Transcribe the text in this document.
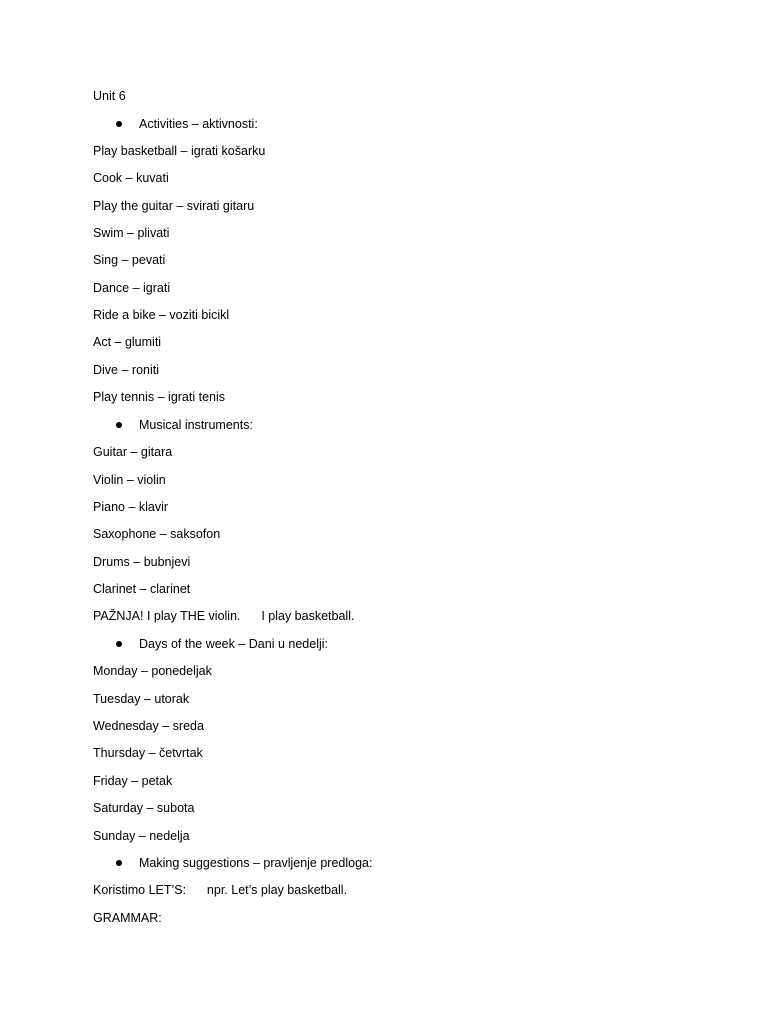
Unit 6

Activities – aktivnosti:

Play basketball – igrati košarku
Cook – kuvati
Play the guitar – svirati gitaru
Swim – plivati
Sing – pevati
Dance – igrati
Ride a bike – voziti bicikl
Act – glumiti
Dive – roniti
Play tennis – igrati tenis

Musical instruments:

Guitar – gitara
Violin – violin
Piano – klavir
Saxophone – saksofon
Drums – bubnjevi
Clarinet – clarinet
PAŽNJA! I play THE violin.      I play basketball.

Days of the week – Dani u nedelji:

Monday – ponedeljak
Tuesday – utorak
Wednesday – sreda
Thursday – četvrtak
Friday – petak
Saturday – subota
Sunday – nedelja

Making suggestions – pravljenje predloga:

Koristimo LET’S:      npr. Let’s play basketball.
GRAMMAR:
